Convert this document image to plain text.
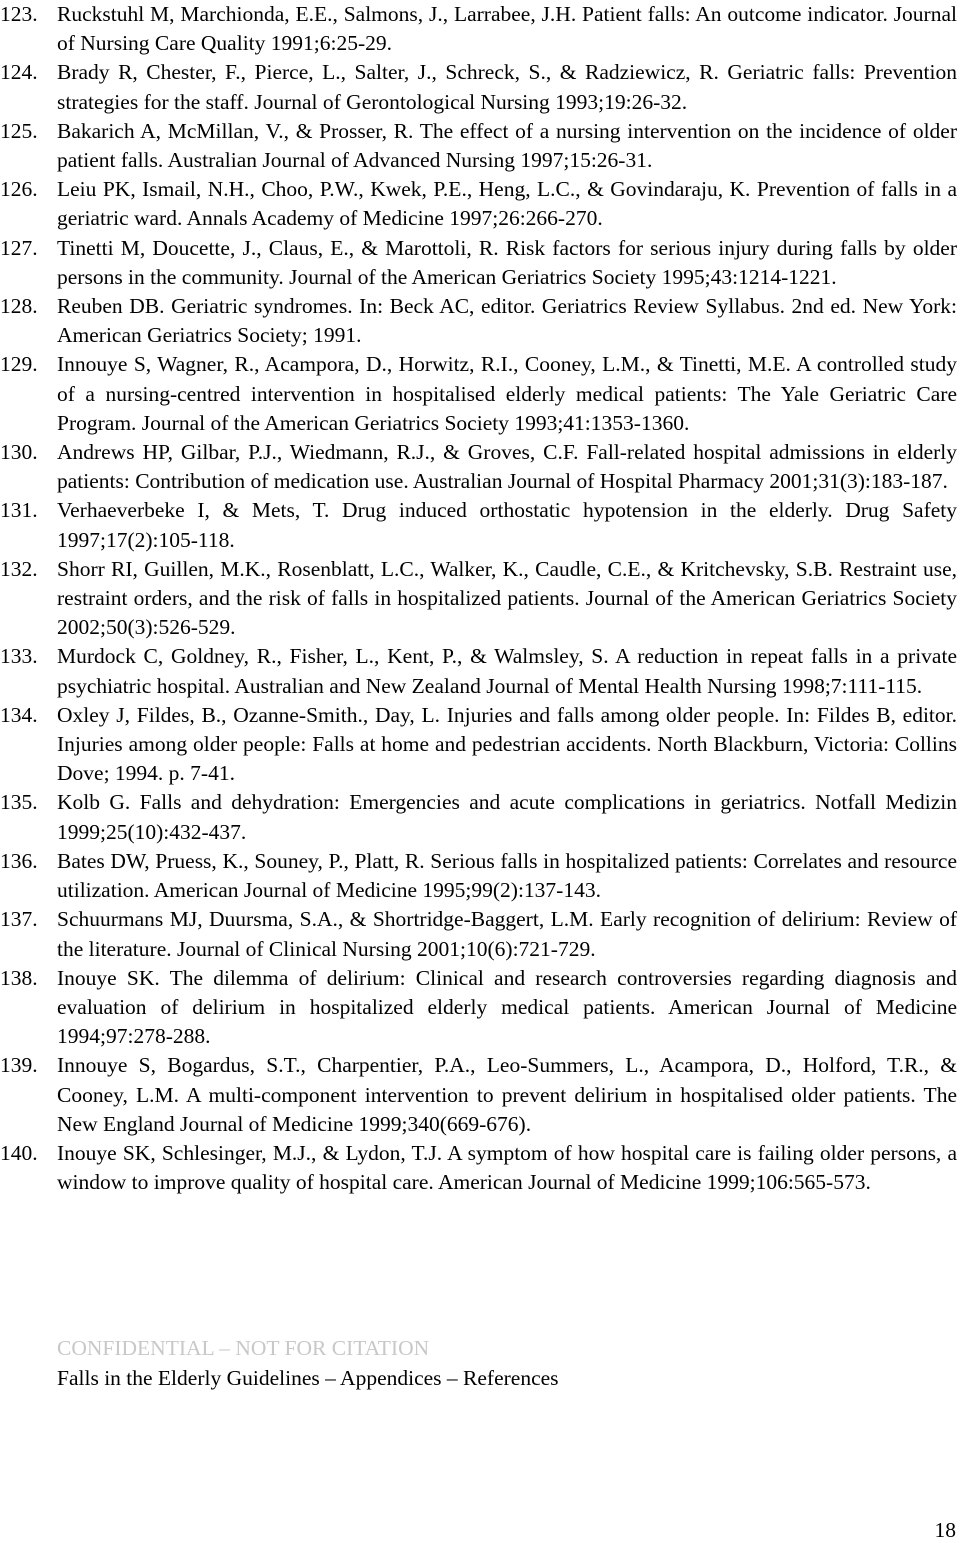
123. Ruckstuhl M, Marchionda, E.E., Salmons, J., Larrabee, J.H. Patient falls: An outcome indicator. Journal of Nursing Care Quality 1991;6:25-29.
124. Brady R, Chester, F., Pierce, L., Salter, J., Schreck, S., & Radziewicz, R. Geriatric falls: Prevention strategies for the staff. Journal of Gerontological Nursing 1993;19:26-32.
125. Bakarich A, McMillan, V., & Prosser, R. The effect of a nursing intervention on the incidence of older patient falls. Australian Journal of Advanced Nursing 1997;15:26-31.
126. Leiu PK, Ismail, N.H., Choo, P.W., Kwek, P.E., Heng, L.C., & Govindaraju, K. Prevention of falls in a geriatric ward. Annals Academy of Medicine 1997;26:266-270.
127. Tinetti M, Doucette, J., Claus, E., & Marottoli, R. Risk factors for serious injury during falls by older persons in the community. Journal of the American Geriatrics Society 1995;43:1214-1221.
128. Reuben DB. Geriatric syndromes. In: Beck AC, editor. Geriatrics Review Syllabus. 2nd ed. New York: American Geriatrics Society; 1991.
129. Innouye S, Wagner, R., Acampora, D., Horwitz, R.I., Cooney, L.M., & Tinetti, M.E. A controlled study of a nursing-centred intervention in hospitalised elderly medical patients: The Yale Geriatric Care Program. Journal of the American Geriatrics Society 1993;41:1353-1360.
130. Andrews HP, Gilbar, P.J., Wiedmann, R.J., & Groves, C.F. Fall-related hospital admissions in elderly patients: Contribution of medication use. Australian Journal of Hospital Pharmacy 2001;31(3):183-187.
131. Verhaeverbeke I, & Mets, T. Drug induced orthostatic hypotension in the elderly. Drug Safety 1997;17(2):105-118.
132. Shorr RI, Guillen, M.K., Rosenblatt, L.C., Walker, K., Caudle, C.E., & Kritchevsky, S.B. Restraint use, restraint orders, and the risk of falls in hospitalized patients. Journal of the American Geriatrics Society 2002;50(3):526-529.
133. Murdock C, Goldney, R., Fisher, L., Kent, P., & Walmsley, S. A reduction in repeat falls in a private psychiatric hospital. Australian and New Zealand Journal of Mental Health Nursing 1998;7:111-115.
134. Oxley J, Fildes, B., Ozanne-Smith., Day, L. Injuries and falls among older people. In: Fildes B, editor. Injuries among older people: Falls at home and pedestrian accidents. North Blackburn, Victoria: Collins Dove; 1994. p. 7-41.
135. Kolb G. Falls and dehydration: Emergencies and acute complications in geriatrics. Notfall Medizin 1999;25(10):432-437.
136. Bates DW, Pruess, K., Souney, P., Platt, R. Serious falls in hospitalized patients: Correlates and resource utilization. American Journal of Medicine 1995;99(2):137-143.
137. Schuurmans MJ, Duursma, S.A., & Shortridge-Baggert, L.M. Early recognition of delirium: Review of the literature. Journal of Clinical Nursing 2001;10(6):721-729.
138. Inouye SK. The dilemma of delirium: Clinical and research controversies regarding diagnosis and evaluation of delirium in hospitalized elderly medical patients. American Journal of Medicine 1994;97:278-288.
139. Innouye S, Bogardus, S.T., Charpentier, P.A., Leo-Summers, L., Acampora, D., Holford, T.R., & Cooney, L.M. A multi-component intervention to prevent delirium in hospitalised older patients. The New England Journal of Medicine 1999;340(669-676).
140. Inouye SK, Schlesinger, M.J., & Lydon, T.J. A symptom of how hospital care is failing older persons, a window to improve quality of hospital care. American Journal of Medicine 1999;106:565-573.
CONFIDENTIAL – NOT FOR CITATION
Falls in the Elderly Guidelines – Appendices – References
18
